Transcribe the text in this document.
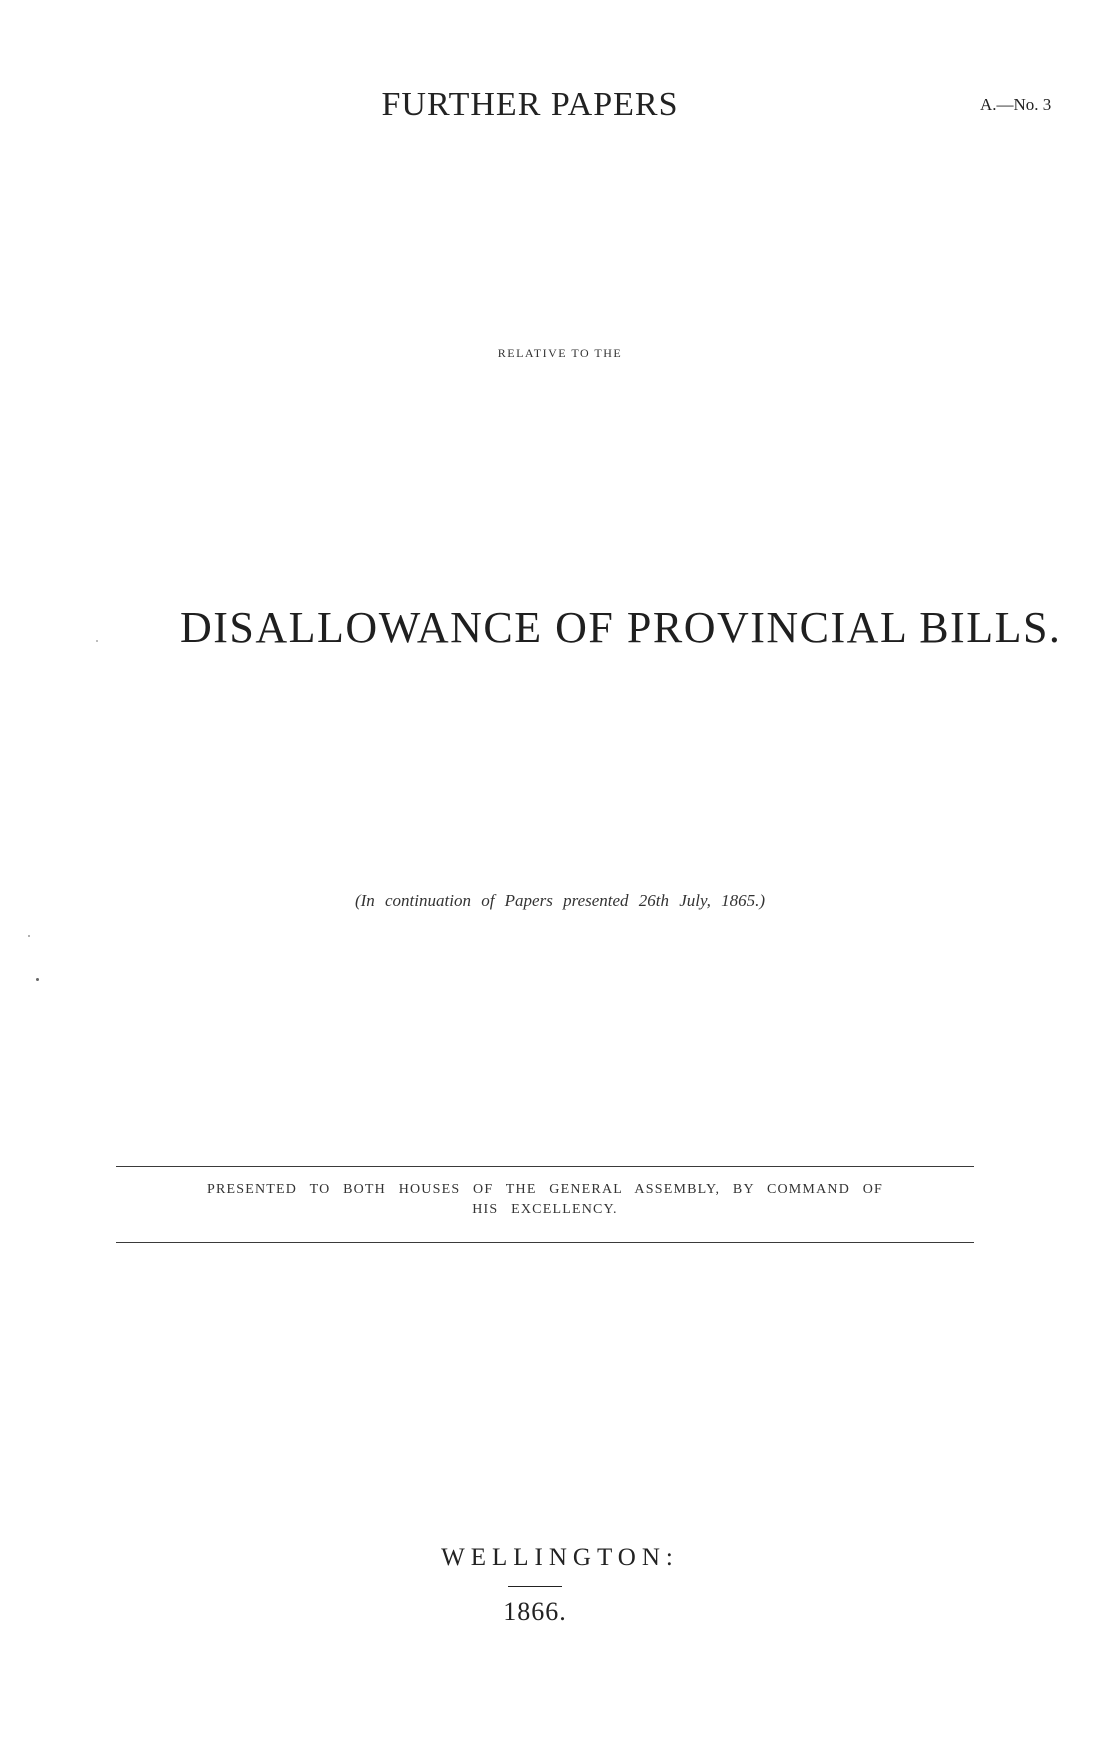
FURTHER PAPERS	A.—No. 3
RELATIVE TO THE
DISALLOWANCE OF PROVINCIAL BILLS.
(In continuation of Papers presented 26th July, 1865.)
PRESENTED TO BOTH HOUSES OF THE GENERAL ASSEMBLY, BY COMMAND OF
HIS EXCELLENCY.
WELLINGTON:
1866.
